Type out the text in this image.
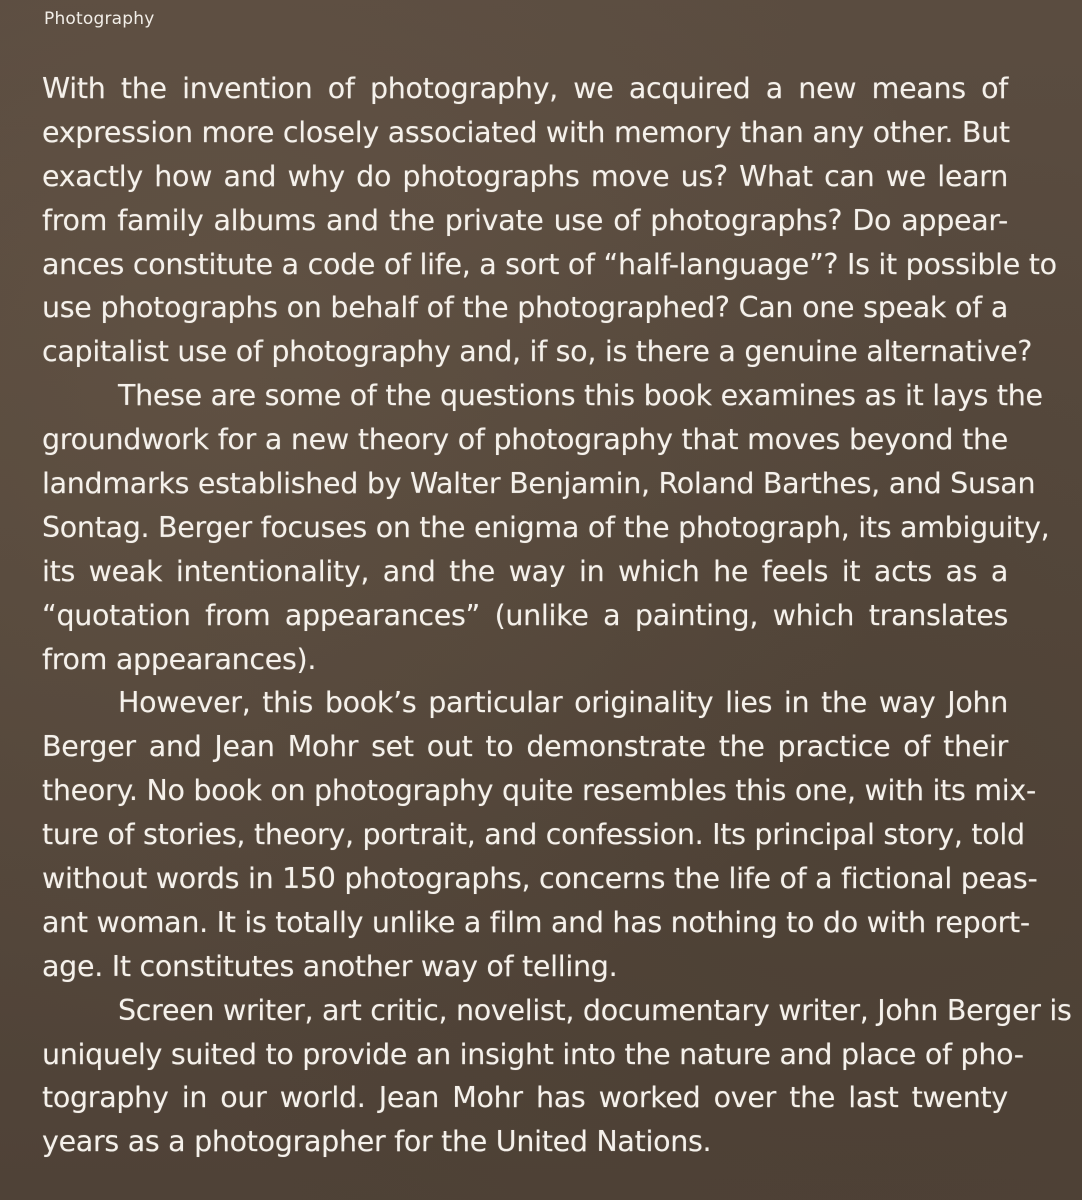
Photography
With the invention of photography, we acquired a new means of
expression more closely associated with memory than any other. But
exactly how and why do photographs move us? What can we learn
from family albums and the private use of photographs? Do appear-
ances constitute a code of life, a sort of “half-language”? Is it possible to
use photographs on behalf of the photographed? Can one speak of a
capitalist use of photography and, if so, is there a genuine alternative?
These are some of the questions this book examines as it lays the
groundwork for a new theory of photography that moves beyond the
landmarks established by Walter Benjamin, Roland Barthes, and Susan
Sontag. Berger focuses on the enigma of the photograph, its ambiguity,
its weak intentionality, and the way in which he feels it acts as a
“quotation from appearances” (unlike a painting, which translates
from appearances).
However, this book’s particular originality lies in the way John
Berger and Jean Mohr set out to demonstrate the practice of their
theory. No book on photography quite resembles this one, with its mix-
ture of stories, theory, portrait, and confession. Its principal story, told
without words in 150 photographs, concerns the life of a fictional peas-
ant woman. It is totally unlike a film and has nothing to do with report-
age. It constitutes another way of telling.
Screen writer, art critic, novelist, documentary writer, John Berger is
uniquely suited to provide an insight into the nature and place of pho-
tography in our world. Jean Mohr has worked over the last twenty
years as a photographer for the United Nations.
